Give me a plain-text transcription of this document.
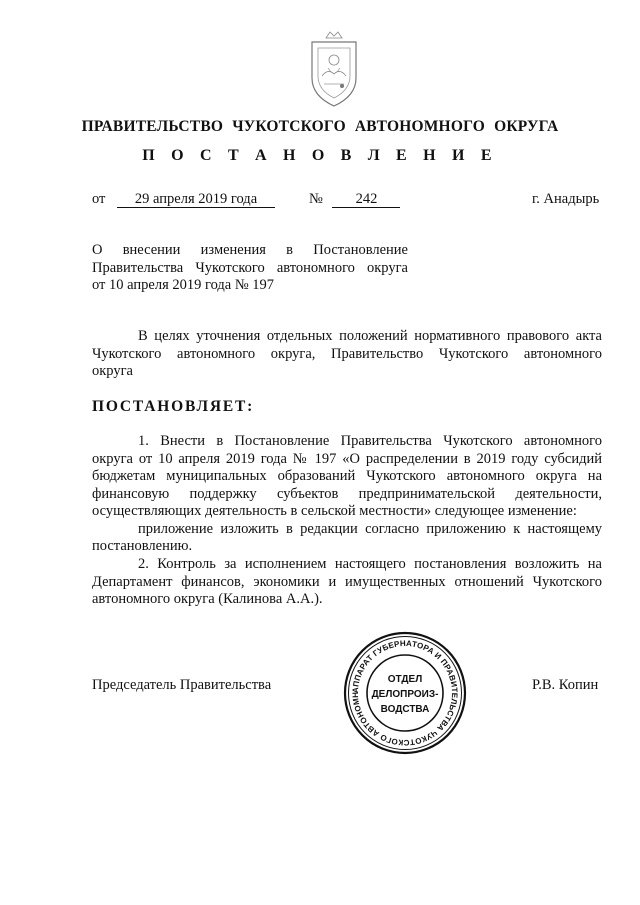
ПРАВИТЕЛЬСТВО ЧУКОТСКОГО АВТОНОМНОГО ОКРУГА
П О С Т А Н О В Л Е Н И Е
от 29 апреля 2019 года	№ 242	г. Анадырь
О внесении изменения в Постановление
Правительства Чукотского автономного округа
от 10 апреля 2019 года № 197
В целях уточнения отдельных положений нормативного правового акта
Чукотского автономного округа, Правительство Чукотского автономного
округа
ПОСТАНОВЛЯЕТ:
1. Внести в Постановление Правительства Чукотского автономного
округа от 10 апреля 2019 года № 197 «О распределении в 2019 году субсидий
бюджетам муниципальных образований Чукотского автономного округа на
финансовую поддержку субъектов предпринимательской деятельности,
осуществляющих деятельность в сельской местности» следующее изменение:
приложение изложить в редакции согласно приложению к настоящему
постановлению.
2. Контроль за исполнением настоящего постановления возложить на
Департамент финансов, экономики и имущественных отношений Чукотского
автономного округа (Калинова А.А.).
Председатель Правительства	Р.В. Копин
АППАРАТ ГУБЕРНАТОРА И ПРАВИТЕЛЬСТВА ЧУКОТСКОГО АВТОНОМН
ОТДЕЛ
ДЕЛОПРОИЗ-
ВОДСТВА
